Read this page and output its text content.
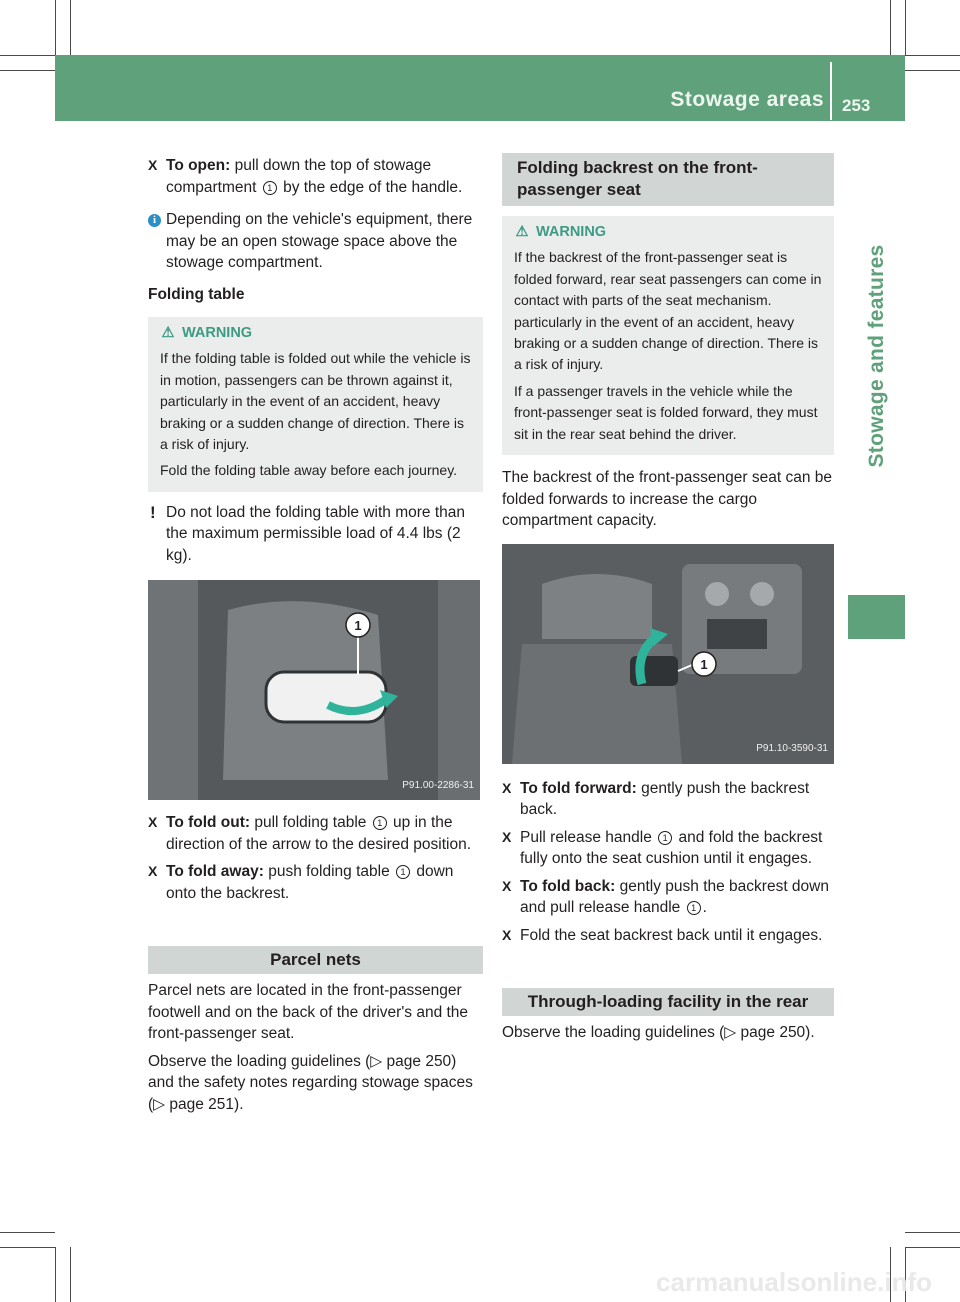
Stowage areas 253
Stowage and features

X To open: pull down the top of stowage compartment 1 by the edge of the handle.

i Depending on the vehicle's equipment, there may be an open stowage space above the stowage compartment.

Folding table

⚠ WARNING

If the folding table is folded out while the vehicle is in motion, passengers can be thrown against it, particularly in the event of an accident, heavy braking or a sudden change of direction. There is a risk of injury.

Fold the folding table away before each journey.

! Do not load the folding table with more than the maximum permissible load of 4.4 lbs (2 kg).

1
P91.00-2286-31

X To fold out: pull folding table 1 up in the direction of the arrow to the desired position.

X To fold away: push folding table 1 down onto the backrest.

Parcel nets

Parcel nets are located in the front-passenger footwell and on the back of the driver's and the front-passenger seat.

Observe the loading guidelines (▷ page 250) and the safety notes regarding stowage spaces (▷ page 251).

Folding backrest on the front-passenger seat
⚠ WARNING

If the backrest of the front-passenger seat is folded forward, rear seat passengers can come in contact with parts of the seat mechanism. particularly in the event of an accident, heavy braking or a sudden change of direction. There is a risk of injury.

If a passenger travels in the vehicle while the front-passenger seat is folded forward, they must sit in the rear seat behind the driver.

The backrest of the front-passenger seat can be folded forwards to increase the cargo compartment capacity.

1
P91.10-3590-31

X To fold forward: gently push the backrest back.

X Pull release handle 1 and fold the backrest fully onto the seat cushion until it engages.

X To fold back: gently push the backrest down and pull release handle 1 .

X Fold the seat backrest back until it engages.

Through-loading facility in the rear

Observe the loading guidelines (▷ page 250).

carmanualsonline.info
